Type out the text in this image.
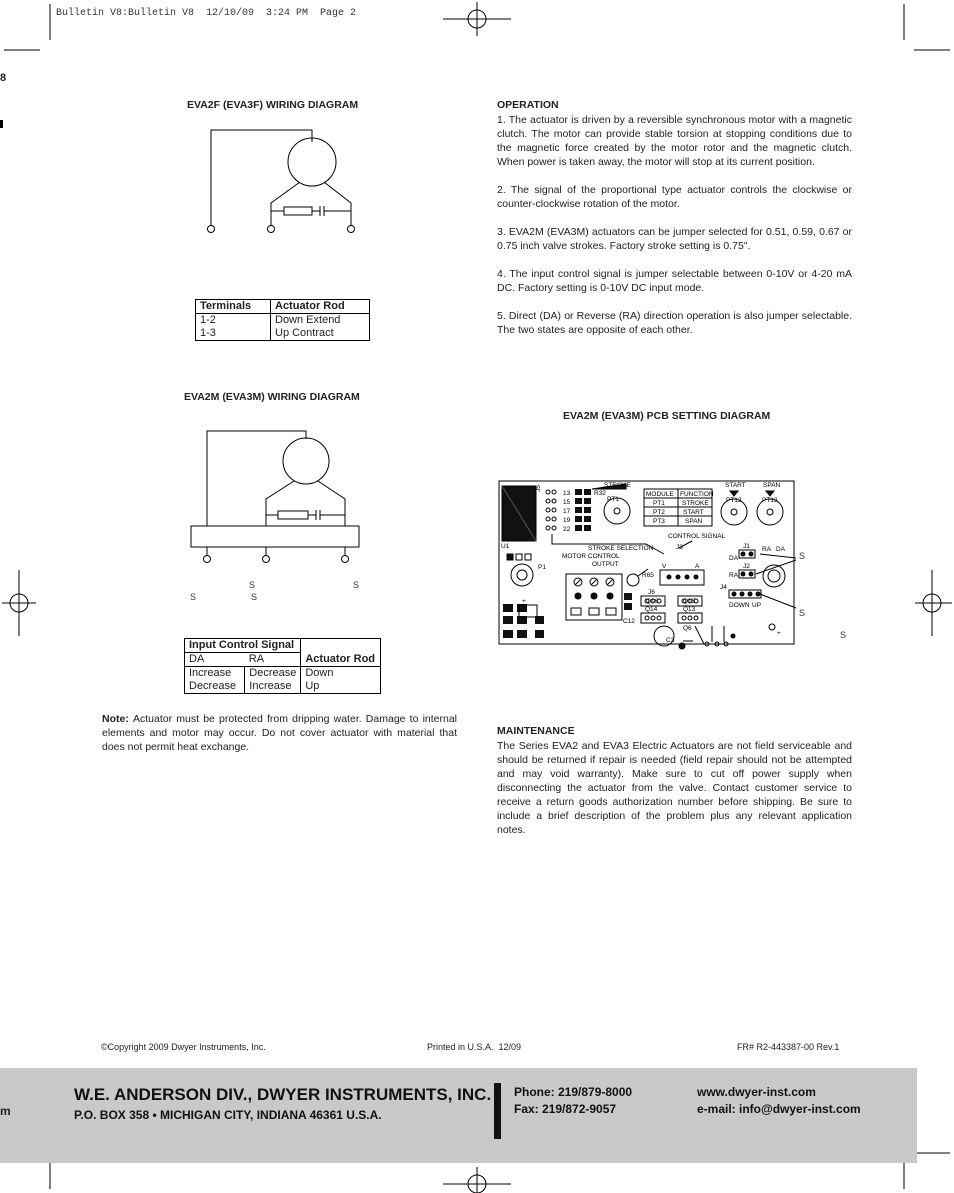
Bulletin V8:Bulletin V8  12/10/09  3:24 PM  Page 2
8
EVA2F (EVA3F) WIRING DIAGRAM
Terminals	Actuator Rod
1-2	Down Extend
1-3	Up Contract
EVA2M (EVA3M) WIRING DIAGRAM
S	S
S	S
Input Control Signal		Actuator Rod
DA	RA	
Increase	Decrease	Down
Decrease	Increase	Up
Note: Actuator must be protected from dripping water. Damage to internal elements and motor may occur. Do not cover actuator with material that does not permit heat exchange.
OPERATION

1. The actuator is driven by a reversible synchronous motor with a magnetic clutch. The motor can provide stable torsion at stopping conditions due to the magnetic force created by the motor rotor and the magnetic clutch. When power is taken away, the motor will stop at its current position.

2. The signal of the proportional type actuator controls the clockwise or counter-clockwise rotation of the motor.

3. EVA2M (EVA3M) actuators can be jumper selected for 0.51, 0.59, 0.67 or 0.75 inch valve strokes. Factory stroke setting is 0.75".

4. The input control signal is jumper selectable between 0-10V or 4-20 mA DC. Factory setting is 0-10V DC input mode.

5. Direct (DA) or Reverse (RA) direction operation is also jumper selectable. The two states are opposite of each other.

EVA2M (EVA3M) PCB SETTING DIAGRAM
J5	STROKE
R32
13
15
17
19
22
MODULE FUNCTION
PT1	STROKE
PT2	START
PT3	SPAN
START	SPAN
PT1	PT12	PT13
U1
P1
STROKE SELECTION
CONTROL SIGNAL
J3
MOTOR CONTROL
OUTPUT
R65
V	A
J6
Q16	Q15
Q14	Q13
C12
Q6
C3
J1 RA DA
DA
J2
RA
J4
DOWN UP
+
+
S
S
S
MAINTENANCE
The Series EVA2 and EVA3 Electric Actuators are not field serviceable and should be returned if repair is needed (field repair should not be attempted and may void warranty). Make sure to cut off power supply when disconnecting the actuator from the valve. Contact customer service to receive a return goods authorization number before shipping. Be sure to include a brief description of the problem plus any relevant application notes.
©Copyright 2009 Dwyer Instruments, Inc.	Printed in U.S.A.  12/09	FR# R2-443387-00 Rev.1
m
W.E. ANDERSON DIV., DWYER INSTRUMENTS, INC.
P.O. BOX 358 • MICHIGAN CITY, INDIANA 46361 U.S.A.
Phone: 219/879-8000
Fax: 219/872-9057
www.dwyer-inst.com
e-mail: info@dwyer-inst.com
